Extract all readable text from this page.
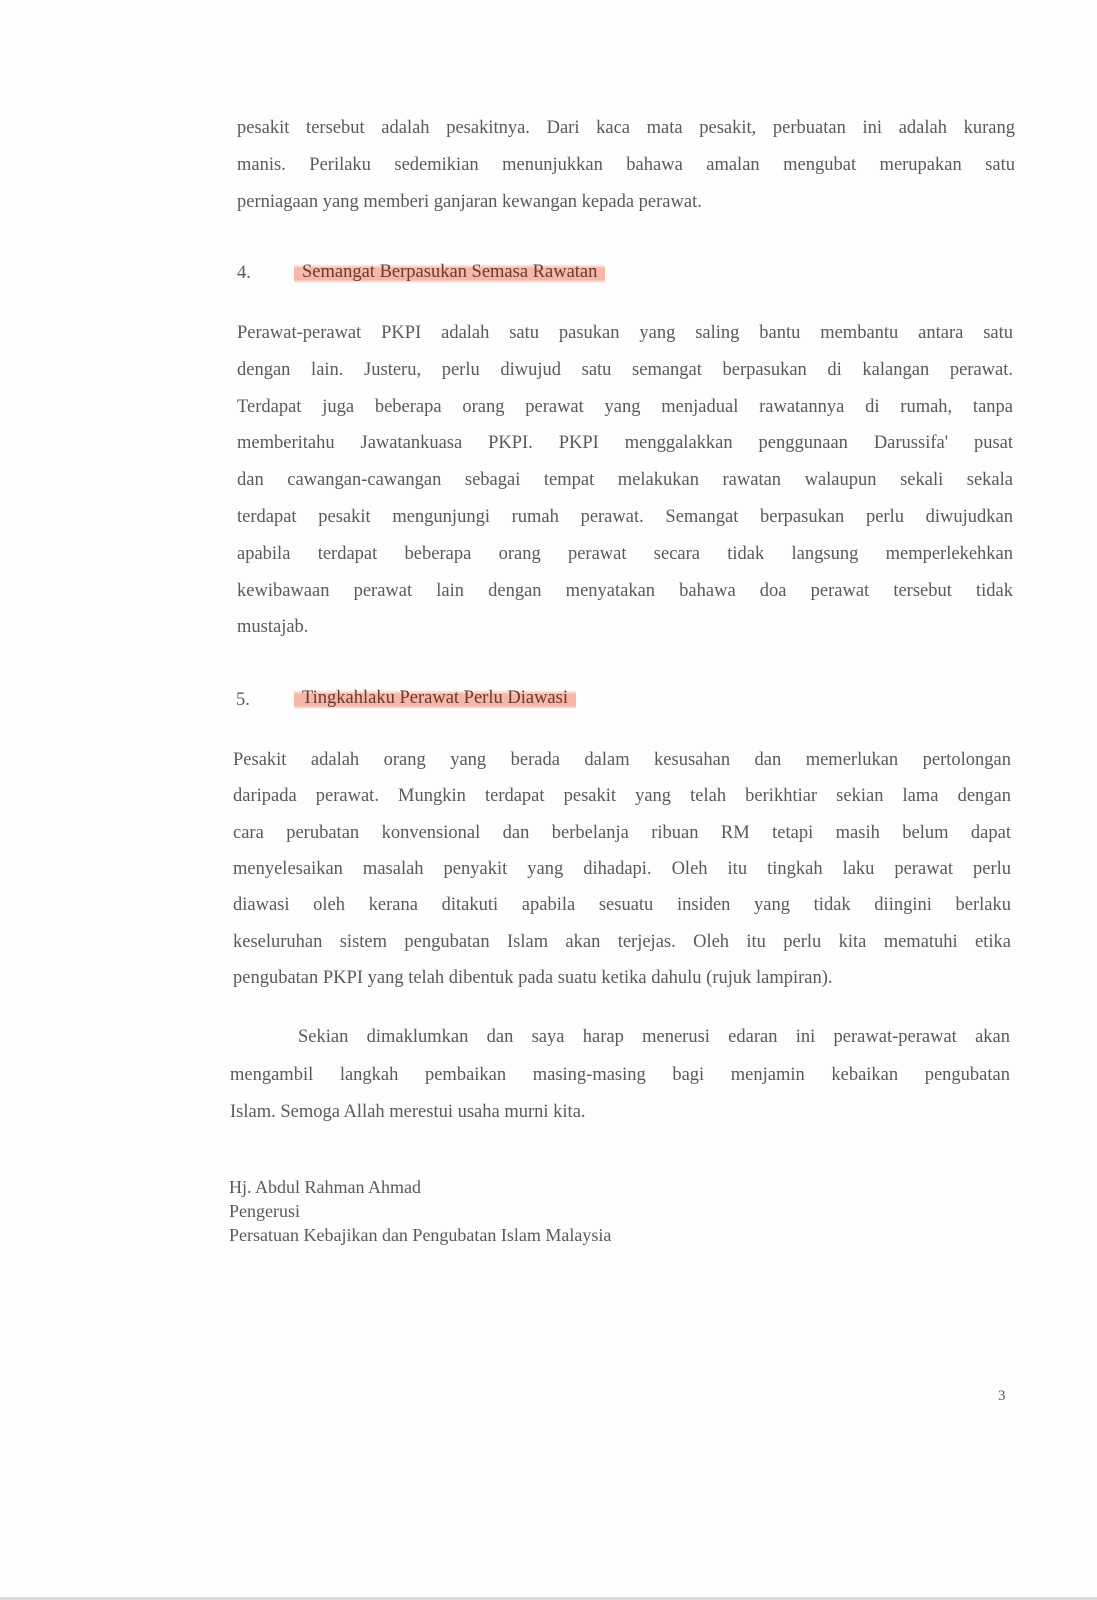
pesakit tersebut adalah pesakitnya. Dari kaca mata pesakit, perbuatan ini adalah kurang
manis. Perilaku sedemikian menunjukkan bahawa amalan mengubat merupakan satu
perniagaan yang memberi ganjaran kewangan kepada perawat.
Perawat-perawat PKPI adalah satu pasukan yang saling bantu membantu antara satu
dengan lain. Justeru, perlu diwujud satu semangat berpasukan di kalangan perawat.
Terdapat juga beberapa orang perawat yang menjadual rawatannya di rumah, tanpa
memberitahu Jawatankuasa PKPI. PKPI menggalakkan penggunaan Darussifa' pusat
dan cawangan-cawangan sebagai tempat melakukan rawatan walaupun sekali sekala
terdapat pesakit mengunjungi rumah perawat. Semangat berpasukan perlu diwujudkan
apabila terdapat beberapa orang perawat secara tidak langsung memperlekehkan
kewibawaan perawat lain dengan menyatakan bahawa doa perawat tersebut tidak
mustajab.
Pesakit adalah orang yang berada dalam kesusahan dan memerlukan pertolongan
daripada perawat. Mungkin terdapat pesakit yang telah berikhtiar sekian lama dengan
cara perubatan konvensional dan berbelanja ribuan RM tetapi masih belum dapat
menyelesaikan masalah penyakit yang dihadapi. Oleh itu tingkah laku perawat perlu
diawasi oleh kerana ditakuti apabila sesuatu insiden yang tidak diingini berlaku
keseluruhan sistem pengubatan Islam akan terjejas. Oleh itu perlu kita mematuhi etika
pengubatan PKPI yang telah dibentuk pada suatu ketika dahulu (rujuk lampiran).
Sekian dimaklumkan dan saya harap menerusi edaran ini perawat-perawat akan
mengambil langkah pembaikan masing-masing bagi menjamin kebaikan pengubatan
Islam. Semoga Allah merestui usaha murni kita.
4.	Semangat Berpasukan Semasa Rawatan
5.	Tingkahlaku Perawat Perlu Diawasi
Hj. Abdul Rahman Ahmad
Pengerusi
Persatuan Kebajikan dan Pengubatan Islam Malaysia
3
